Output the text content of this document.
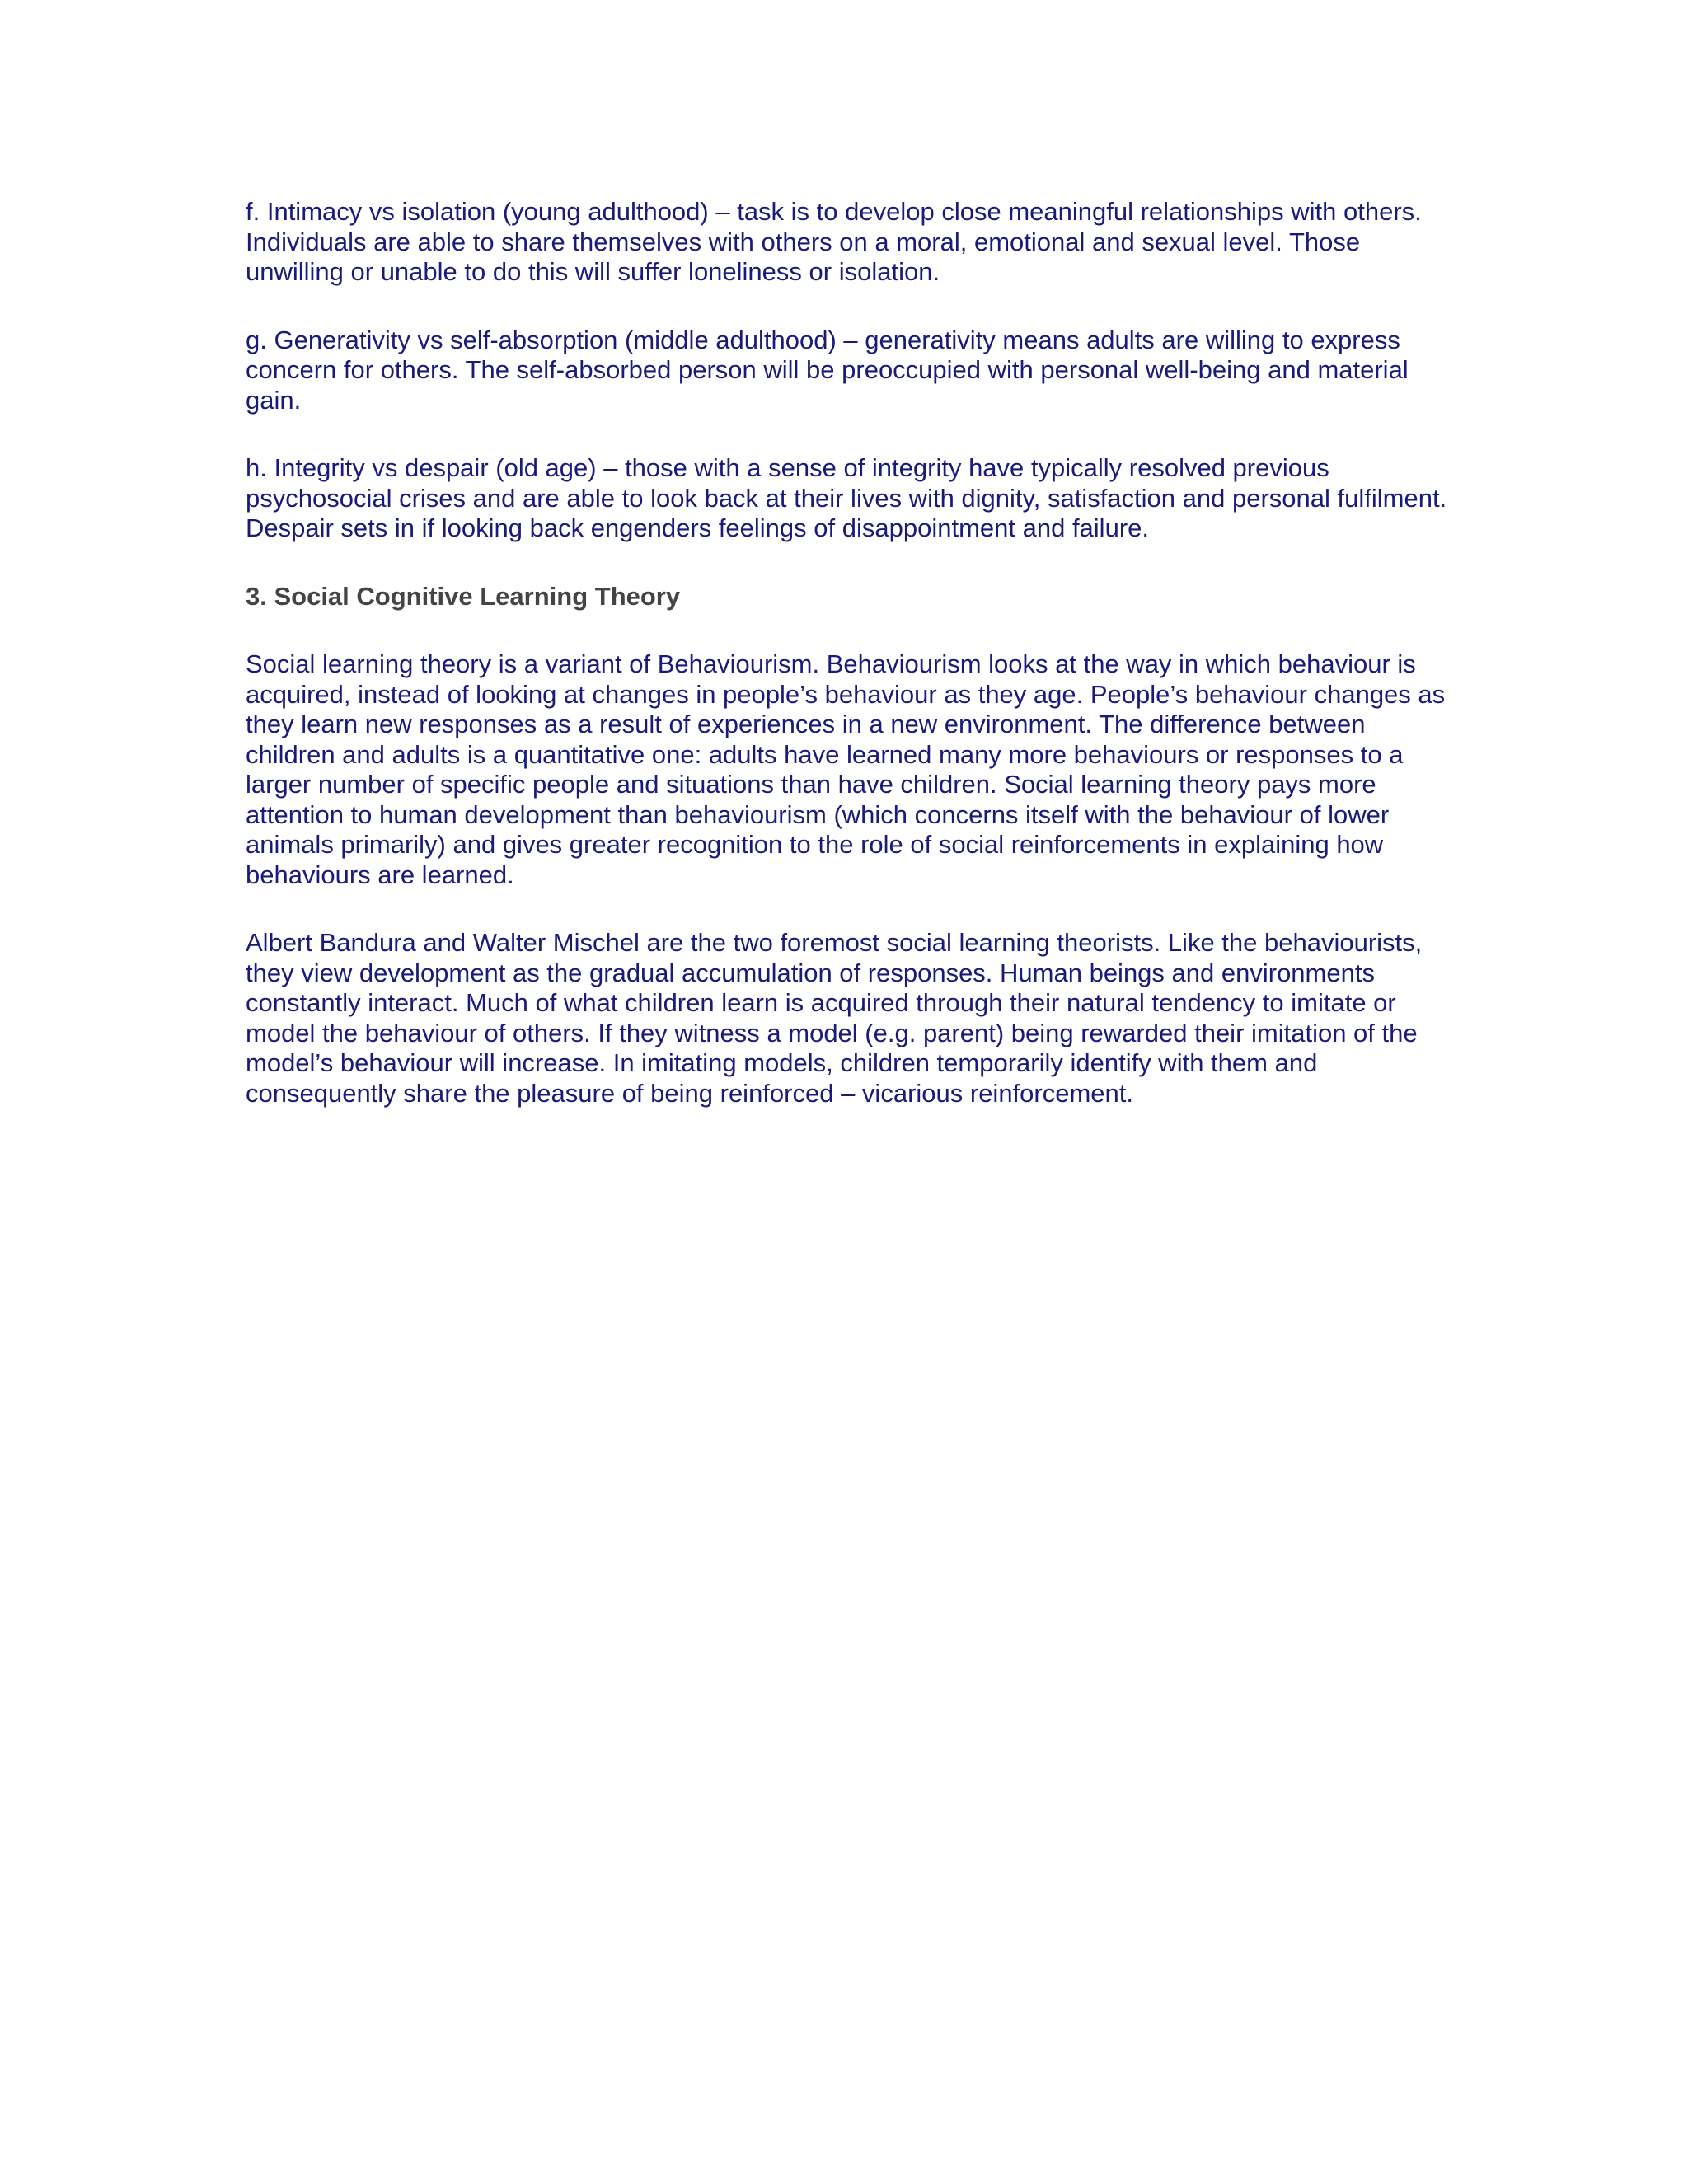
f. Intimacy vs isolation (young adulthood) – task is to develop close meaningful relationships with others. Individuals are able to share themselves with others on a moral, emotional and sexual level. Those unwilling or unable to do this will suffer loneliness or isolation.

g. Generativity vs self-absorption (middle adulthood) – generativity means adults are willing to express concern for others. The self-absorbed person will be preoccupied with personal well-being and material gain.

h. Integrity vs despair (old age) – those with a sense of integrity have typically resolved previous psychosocial crises and are able to look back at their lives with dignity, satisfaction and personal fulfilment. Despair sets in if looking back engenders feelings of disappointment and failure.

3. Social Cognitive Learning Theory

Social learning theory is a variant of Behaviourism. Behaviourism looks at the way in which behaviour is acquired, instead of looking at changes in people’s behaviour as they age. People’s behaviour changes as they learn new responses as a result of experiences in a new environment. The difference between children and adults is a quantitative one: adults have learned many more behaviours or responses to a larger number of specific people and situations than have children. Social learning theory pays more attention to human development than behaviourism (which concerns itself with the behaviour of lower animals primarily) and gives greater recognition to the role of social reinforcements in explaining how behaviours are learned.

Albert Bandura and Walter Mischel are the two foremost social learning theorists. Like the behaviourists, they view development as the gradual accumulation of responses. Human beings and environments constantly interact. Much of what children learn is acquired through their natural tendency to imitate or model the behaviour of others. If they witness a model (e.g. parent) being rewarded their imitation of the model’s behaviour will increase. In imitating models, children temporarily identify with them and consequently share the pleasure of being reinforced – vicarious reinforcement.
